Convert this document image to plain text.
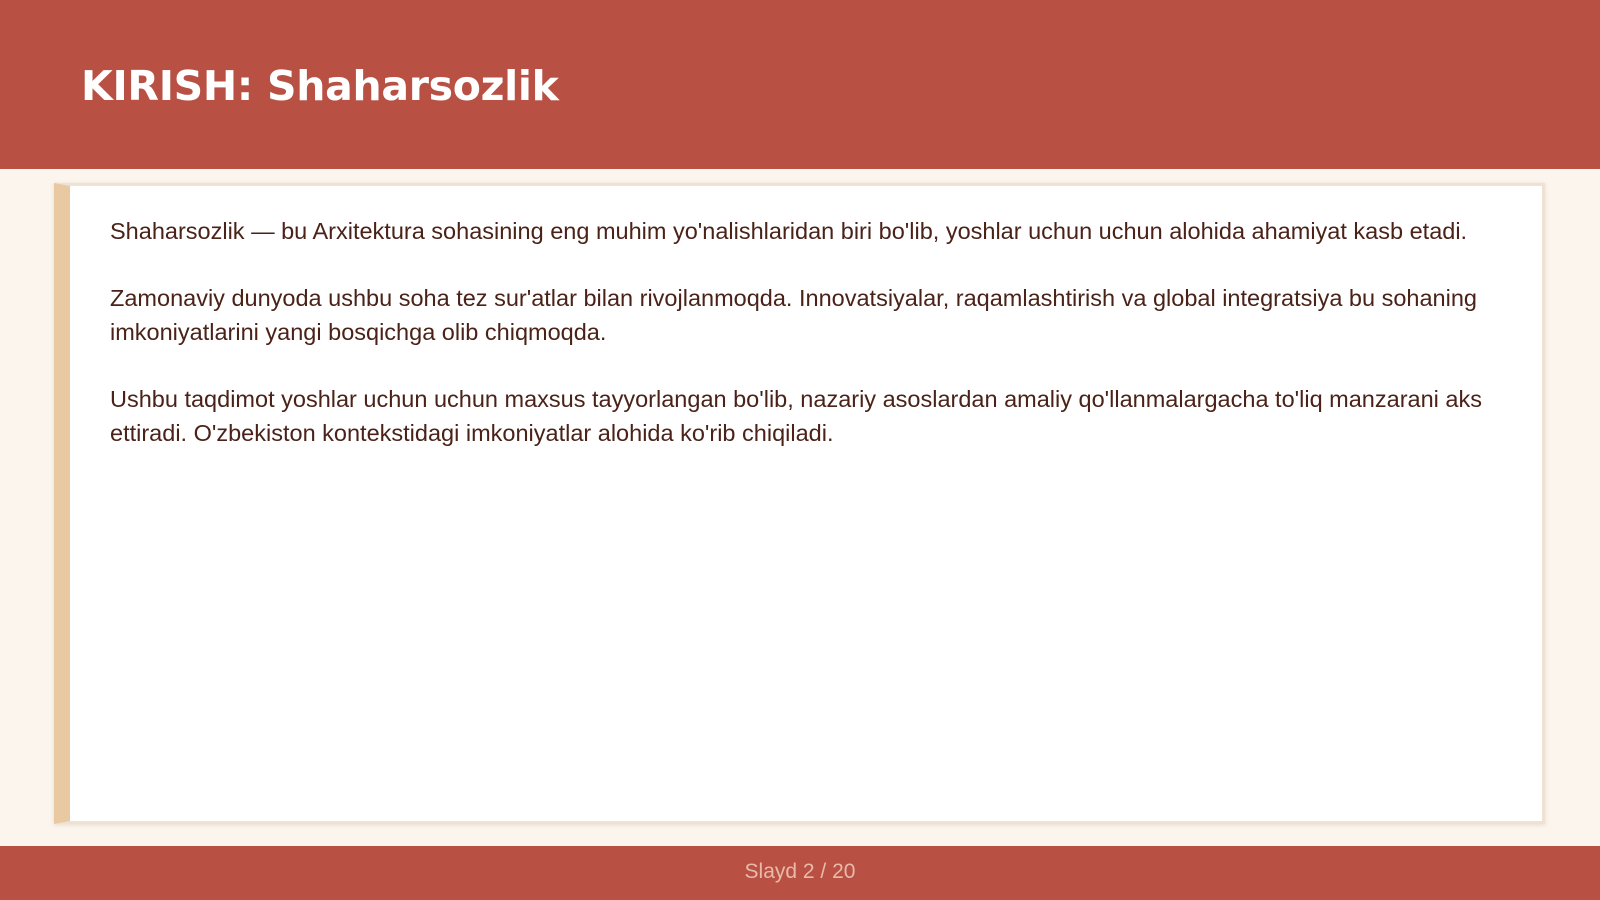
KIRISH: Shaharsozlik

Shaharsozlik — bu Arxitektura sohasining eng muhim yo'nalishlaridan biri bo'lib, yoshlar uchun uchun alohida ahamiyat kasb etadi.

Zamonaviy dunyoda ushbu soha tez sur'atlar bilan rivojlanmoqda. Innovatsiyalar, raqamlashtirish va global integratsiya bu sohaning imkoniyatlarini yangi bosqichga olib chiqmoqda.

Ushbu taqdimot yoshlar uchun uchun maxsus tayyorlangan bo'lib, nazariy asoslardan amaliy qo'llanmalargacha to'liq manzarani aks ettiradi. O'zbekiston kontekstidagi imkoniyatlar alohida ko'rib chiqiladi.

Slayd 2 / 20
